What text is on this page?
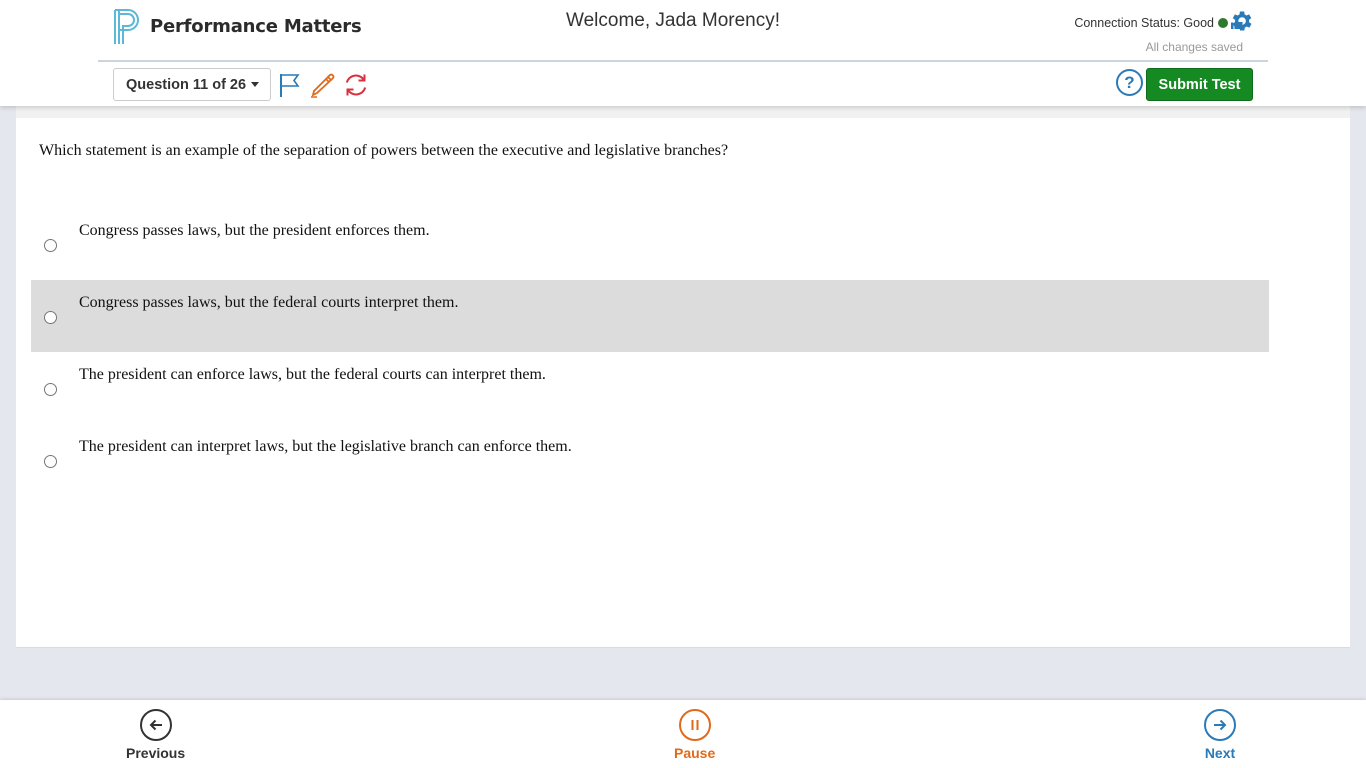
Performance Matters	Welcome, Jada Morency!	Connection Status: Good
All changes saved
Question 11 of 26	? Submit Test
Which statement is an example of the separation of powers between the executive and legislative branches?
Congress passes laws, but the president enforces them.
Congress passes laws, but the federal courts interpret them.
The president can enforce laws, but the federal courts can interpret them.
The president can interpret laws, but the legislative branch can enforce them.
Previous	Pause	Next
